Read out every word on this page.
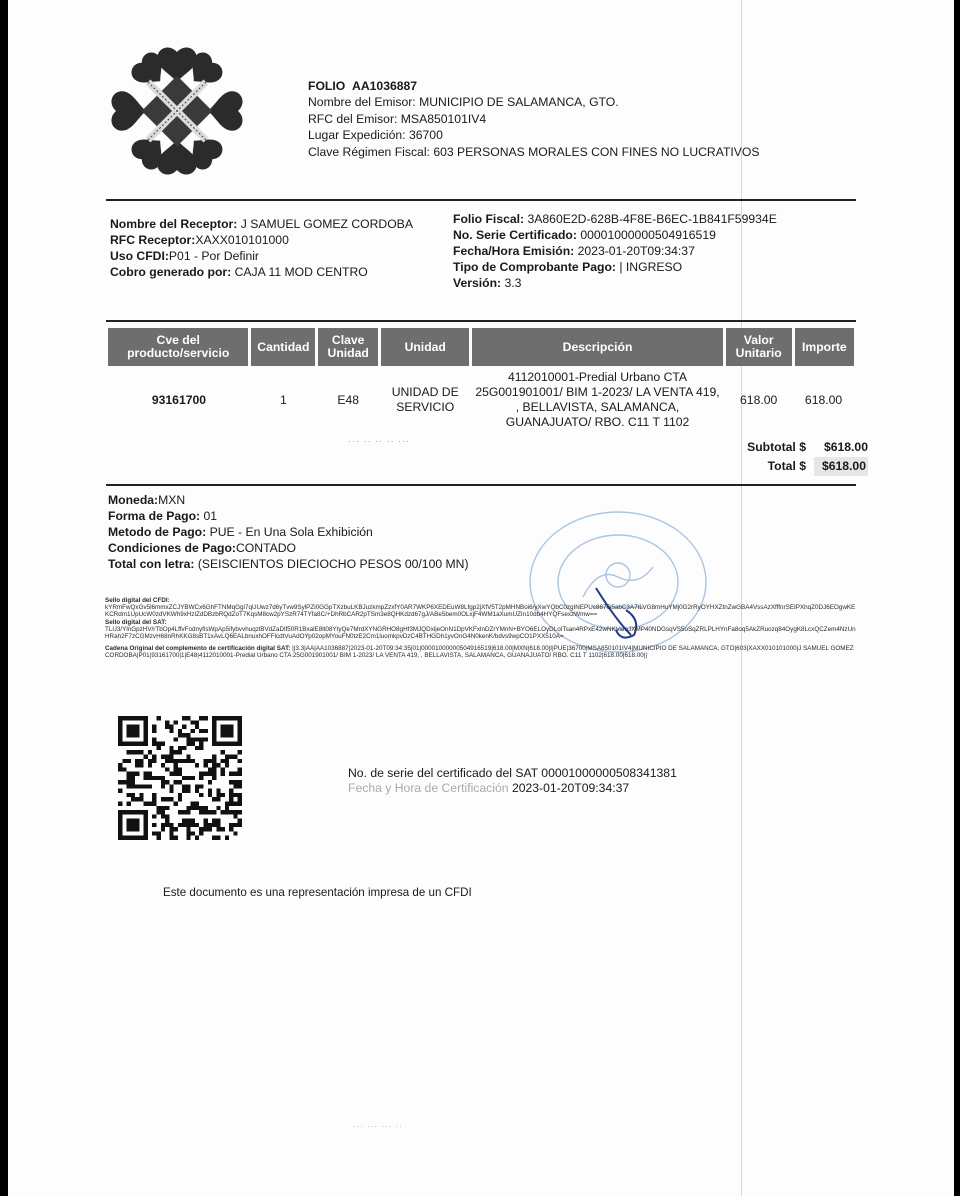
FOLIO AA1036887
Nombre del Emisor: MUNICIPIO DE SALAMANCA, GTO.
RFC del Emisor: MSA850101IV4
Lugar Expedición: 36700
Clave Régimen Fiscal: 603 PERSONAS MORALES CON FINES NO LUCRATIVOS
Nombre del Receptor: J SAMUEL GOMEZ CORDOBA
RFC Receptor:XAXX010101000
Uso CFDI:P01 - Por Definir
Cobro generado por: CAJA 11 MOD CENTRO
Folio Fiscal: 3A860E2D-628B-4F8E-B6EC-1B841F59934E
No. Serie Certificado: 00001000000504916519
Fecha/Hora Emisión: 2023-01-20T09:34:37
Tipo de Comprobante Pago: | INGRESO
Versión: 3.3
Cve del producto/servicio	Cantidad	Clave Unidad	Unidad	Descripción	Valor Unitario	Importe
93161700	1	E48	UNIDAD DE SERVICIO	4112010001-Predial Urbano CTA 25G001901001/ BIM 1-2023/ LA VENTA 419, , BELLAVISTA, SALAMANCA, GUANAJUATO/ RBO. C11 T 1102	618.00	618.00
··· ·· ·· ·· ···	Subtotal $	$618.00
Total $	$618.00
Moneda:MXN
Forma de Pago: 01
Metodo de Pago: PUE - En Una Sola Exhibición
Condiciones de Pago:CONTADO
Total con letra: (SEISCIENTOS DIECIOCHO PESOS 00/100 MN)

Sello digital del CFDI:

kYRmFwQxGv5l6mmxZCJYBWCx6GhFTNMqGgl7qUUwz7d6yTvw9SylPZi0GGpTXzbuLKBJuzkmpZzxfY0AR7WKP6XEDEuW8Lfgp2jXfV5T2pMHNBoi6/yXwYQbC0zgINEPUc887G5abC3A7tLVG8mHuYMj0G2rRyOYHXZtnZwGBA4VssAzXfffnrSEIPXhqZ0DJ6EOgwKEKCRdm1UpUcW0zdVKWh9xHzlZdDBzbRQdZoT7KqsM8cw2pYSzR74TYfa8C/+DhRbCAR2pTSm3e8QHKdzd67gJ/ABe5bem0OLxjF4WM1aXumUZIn10db4HYQFsexzWmw==

Sello digital del SAT:

TLU3/YlnGpzHV/rTbOp4LffvFodnyflsWpAp5ifybvvhuqzlBVdZaDlf50R1BxalE8lt08YtyQe7MrdXYNGRHO8gHf3MJQDxljeOnN1DpVKFxlnDZrYMnN+BYO6ELOyDLoITsan4RPxE42wNKVamJXMP40NDGsqVS5oSqZRLPLHYnFa8oq5AkZRuozq84OygK8LcxQCZem4NzUnHRah2F7zCGMzvH68nRhKKG8sBT1xAvLQ6EALbnuxhOFFlcdtVuAdOYp02opMYouFN0tzE2Cm1luomkpvDzC4BTHGDh1yvOnG4N0kenK/bdvs9wpCO1PXX510A=

Cadena Original del complemento de certificación digital SAT: ||3.3|AA|AA1036887|2023-01-20T09:34:35|01|00001000000504916519|618.00|MXN|618.00|I|PUE|36700|MSA850101IV4|MUNICIPIO DE SALAMANCA, GTO|603|XAXX010101000|J SAMUEL GOMEZ CORDOBA|P01|93161700|1|E48|4112010001-Predial Urbano CTA 25G001901001/ BIM 1-2023/ LA VENTA 419, , BELLAVISTA, SALAMANCA, GUANAJUATO/ RBO. C11 T 1102|618.00|618.00||

No. de serie del certificado del SAT 00001000000508341381
Fecha y Hora de Certificación 2023-01-20T09:34:37
Este documento es una representación impresa de un CFDI
··· ··· ··· ··
